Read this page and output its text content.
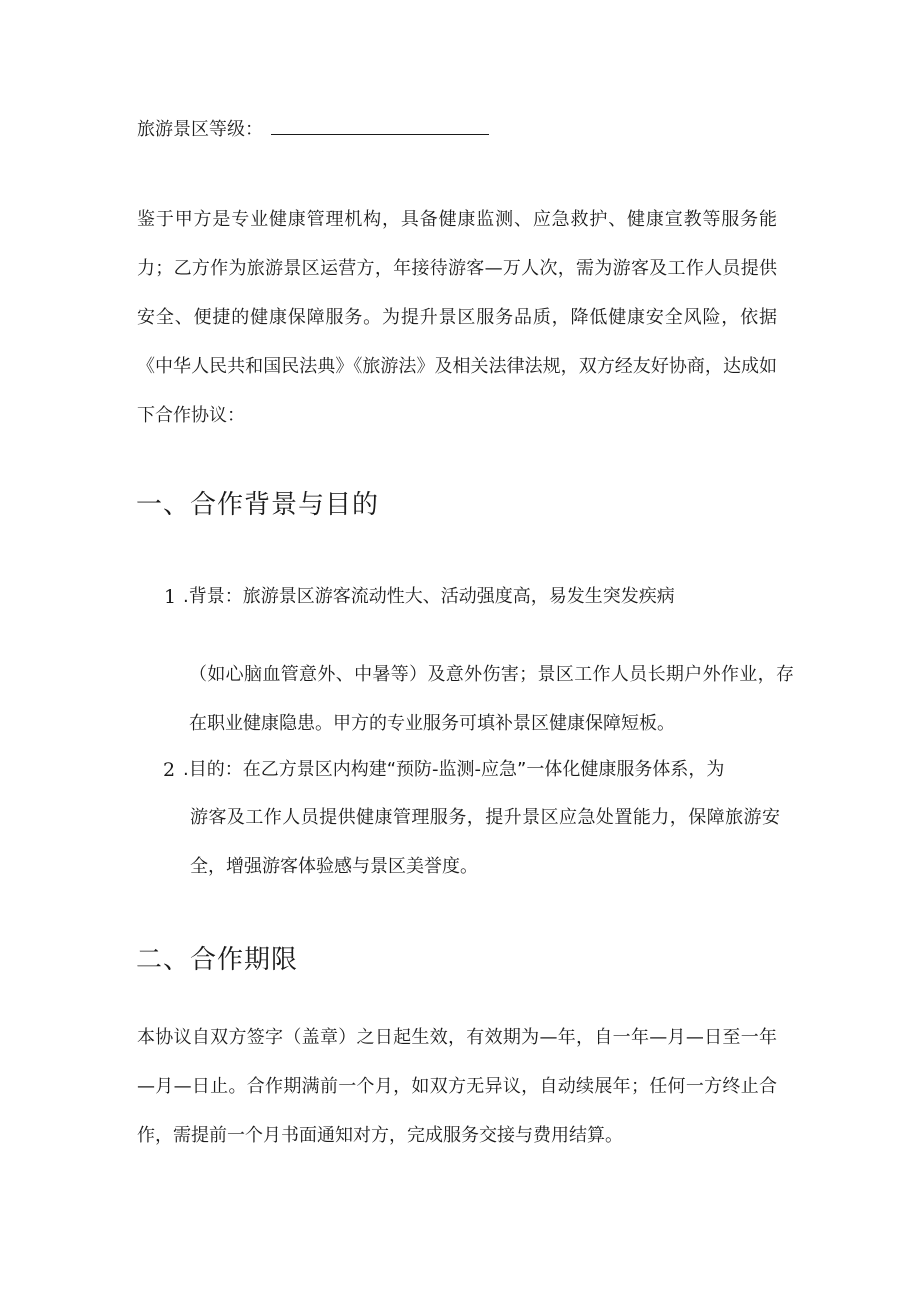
旅游景区等级：

鉴于甲方是专业健康管理机构，具备健康监测、应急救护、健康宣教等服务能力；乙方作为旅游景区运营方，年接待游客—万人次，需为游客及工作人员提供安全、便捷的健康保障服务。为提升景区服务品质，降低健康安全风险，依据《中华人民共和国民法典》《旅游法》及相关法律法规，双方经友好协商，达成如下合作协议：

一、合作背景与目的
1 .背景：旅游景区游客流动性大、活动强度高，易发生突发疾病

（如心脑血管意外、中暑等）及意外伤害；景区工作人员长期户外作业，存在职业健康隐患。甲方的专业服务可填补景区健康保障短板。

2 .目的：在乙方景区内构建“预防-监测-应急”一体化健康服务体系，为

游客及工作人员提供健康管理服务，提升景区应急处置能力，保障旅游安全，增强游客体验感与景区美誉度。

二、合作期限

本协议自双方签字（盖章）之日起生效，有效期为—年，自一年—月—日至一年—月—日止。合作期满前一个月，如双方无异议，自动续展年；任何一方终止合作，需提前一个月书面通知对方，完成服务交接与费用结算。
